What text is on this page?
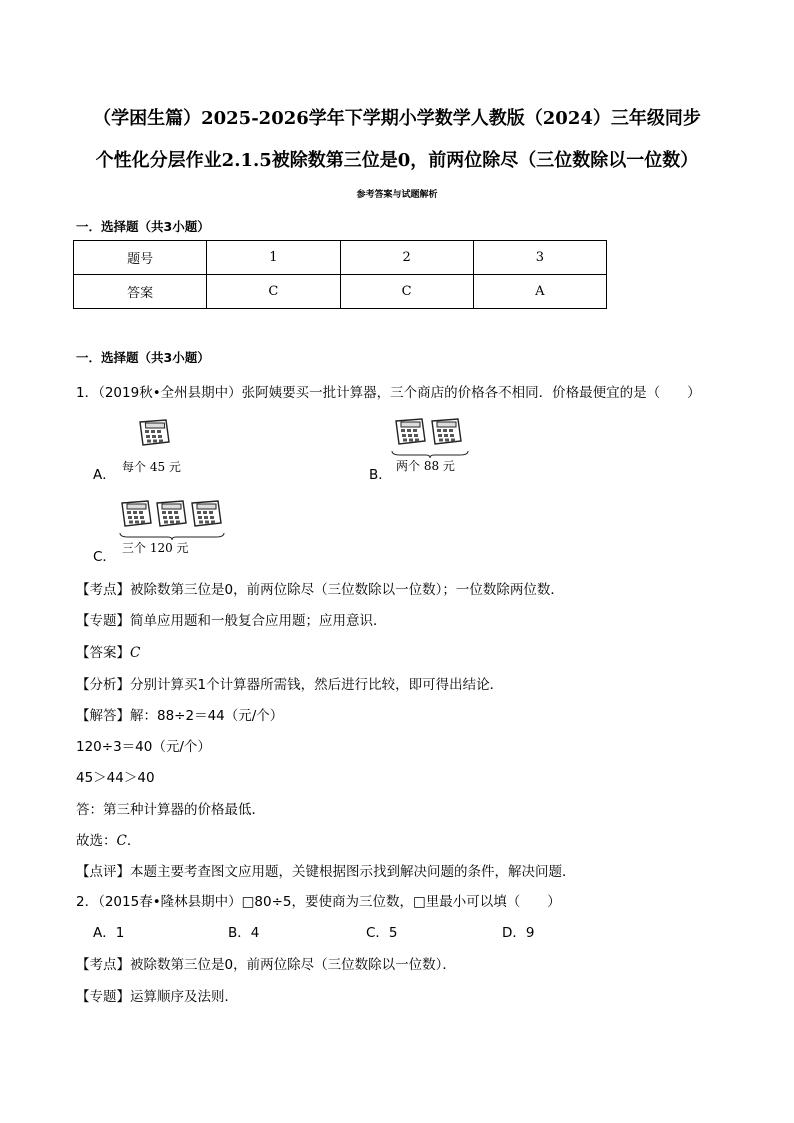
（学困生篇）2025-2026学年下学期小学数学人教版（2024）三年级同步
个性化分层作业2.1.5被除数第三位是0，前两位除尽（三位数除以一位数）
参考答案与试题解析
一．选择题（共3小题）
题号	1	2	3
答案	C	C	A
一．选择题（共3小题）
1．（2019秋•全州县期中）张阿姨要买一批计算器，三个商店的价格各不相同．价格最便宜的是（　　）
A． 每个 45 元	B．
两个 88 元
C．
三个 120 元
【考点】被除数第三位是0，前两位除尽（三位数除以一位数）；一位数除两位数．
【专题】简单应用题和一般复合应用题；应用意识．
【答案】C
【分析】分别计算买1个计算器所需钱，然后进行比较，即可得出结论．
【解答】解：88÷2＝44（元/个）
120÷3＝40（元/个）
45＞44＞40
答：第三种计算器的价格最低．
故选：C．
【点评】本题主要考查图文应用题，关键根据图示找到解决问题的条件，解决问题．
2．（2015春•隆林县期中）□80÷5，要使商为三位数，□里最小可以填（　　）
A．1	B．4	C．5	D．9
【考点】被除数第三位是0，前两位除尽（三位数除以一位数）．
【专题】运算顺序及法则．
